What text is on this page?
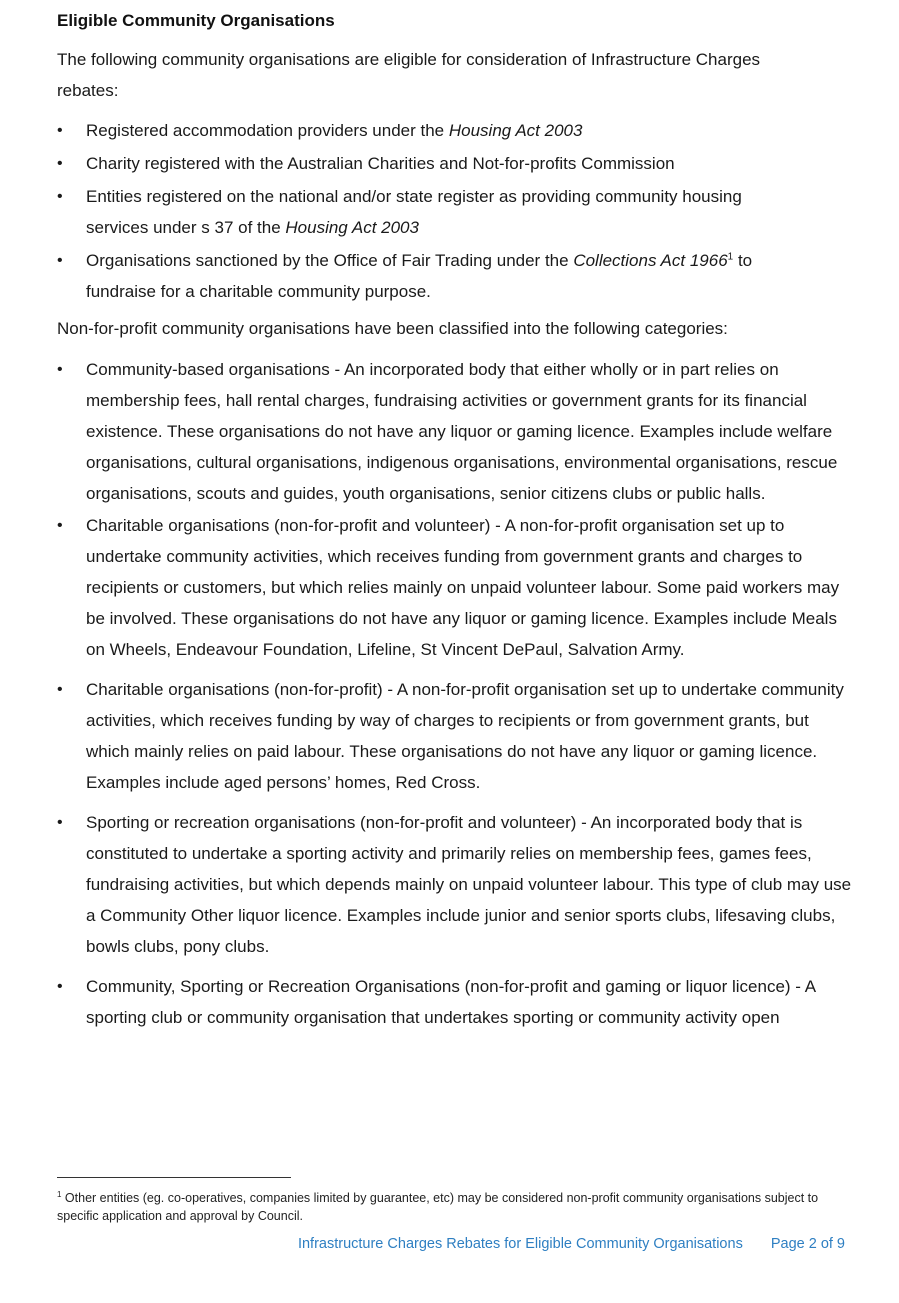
Eligible Community Organisations

The following community organisations are eligible for consideration of Infrastructure Charges rebates:

• Registered accommodation providers under the Housing Act 2003
• Charity registered with the Australian Charities and Not-for-profits Commission
• Entities registered on the national and/or state register as providing community housing services under s 37 of the Housing Act 2003
• Organisations sanctioned by the Office of Fair Trading under the Collections Act 1966$^1$ to fundraise for a charitable community purpose.

Non-for-profit community organisations have been classified into the following categories:

• Community-based organisations - An incorporated body that either wholly or in part relies on membership fees, hall rental charges, fundraising activities or government grants for its financial existence. These organisations do not have any liquor or gaming licence. Examples include welfare organisations, cultural organisations, indigenous organisations, environmental organisations, rescue organisations, scouts and guides, youth organisations, senior citizens clubs or public halls.
• Charitable organisations (non-for-profit and volunteer) - A non-for-profit organisation set up to undertake community activities, which receives funding from government grants and charges to recipients or customers, but which relies mainly on unpaid volunteer labour. Some paid workers may be involved. These organisations do not have any liquor or gaming licence. Examples include Meals on Wheels, Endeavour Foundation, Lifeline, St Vincent DePaul, Salvation Army.
• Charitable organisations (non-for-profit) - A non-for-profit organisation set up to undertake community activities, which receives funding by way of charges to recipients or from government grants, but which mainly relies on paid labour. These organisations do not have any liquor or gaming licence. Examples include aged persons’ homes, Red Cross.
• Sporting or recreation organisations (non-for-profit and volunteer) - An incorporated body that is constituted to undertake a sporting activity and primarily relies on membership fees, games fees, fundraising activities, but which depends mainly on unpaid volunteer labour. This type of club may use a Community Other liquor licence. Examples include junior and senior sports clubs, lifesaving clubs, bowls clubs, pony clubs.
• Community, Sporting or Recreation Organisations (non-for-profit and gaming or liquor licence) - A sporting club or community organisation that undertakes sporting or community activity open
$^1$ Other entities (eg. co-operatives, companies limited by guarantee, etc) may be considered non-profit community organisations subject to specific application and approval by Council.
Infrastructure Charges Rebates for Eligible Community Organisations Page 2 of 9
